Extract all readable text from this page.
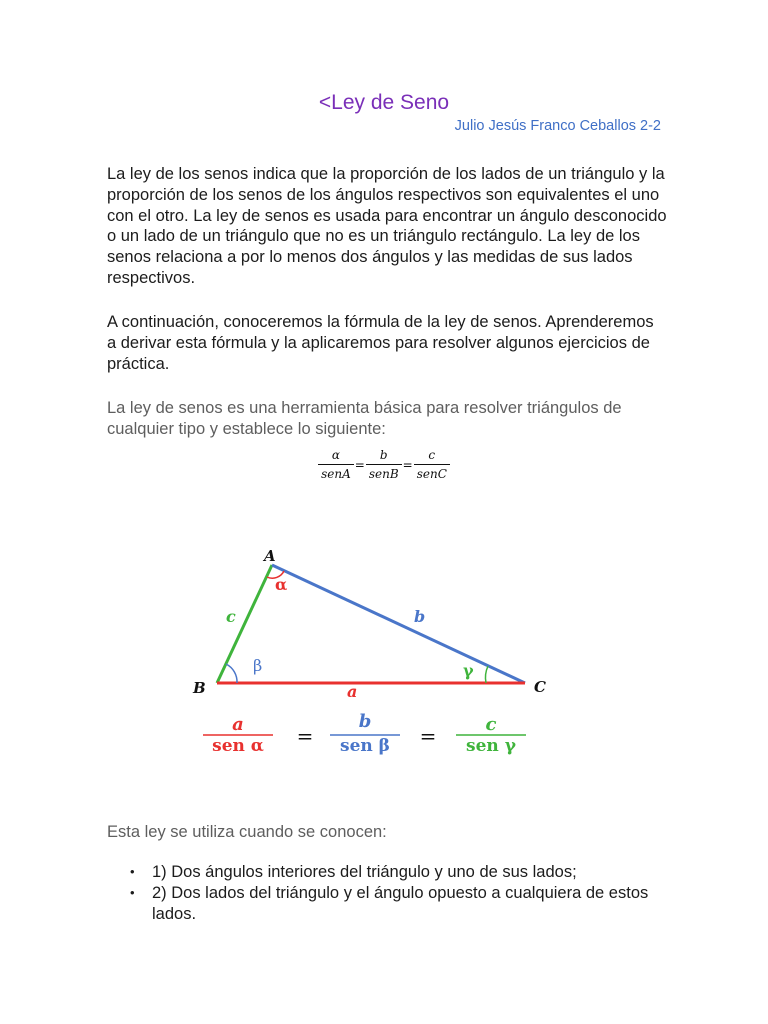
<Ley de Seno
Julio Jesús Franco Ceballos 2-2

La ley de los senos indica que la proporción de los lados de un triángulo y la proporción de los senos de los ángulos respectivos son equivalentes el uno con el otro. La ley de senos es usada para encontrar un ángulo desconocido o un lado de un triángulo que no es un triángulo rectángulo. La ley de los senos relaciona a por lo menos dos ángulos y las medidas de sus lados respectivos.

A continuación, conoceremos la fórmula de la ley de senos. Aprenderemos a derivar esta fórmula y la aplicaremos para resolver algunos ejercicios de práctica.

La ley de senos es una herramienta básica para resolver triángulos de cualquier tipo y establece lo siguiente:

$\frac{\alpha}{\text{senA}} = \frac{b}{\text{senB}} = \frac{c}{\text{senC}}$
A
B	C
c	b
a
α
β	γ
a
sen α =
b
sen β =	c
sen γ

Esta ley se utiliza cuando se conocen:

• 1) Dos ángulos interiores del triángulo y uno de sus lados;
• 2) Dos lados del triángulo y el ángulo opuesto a cualquiera de estos lados.
